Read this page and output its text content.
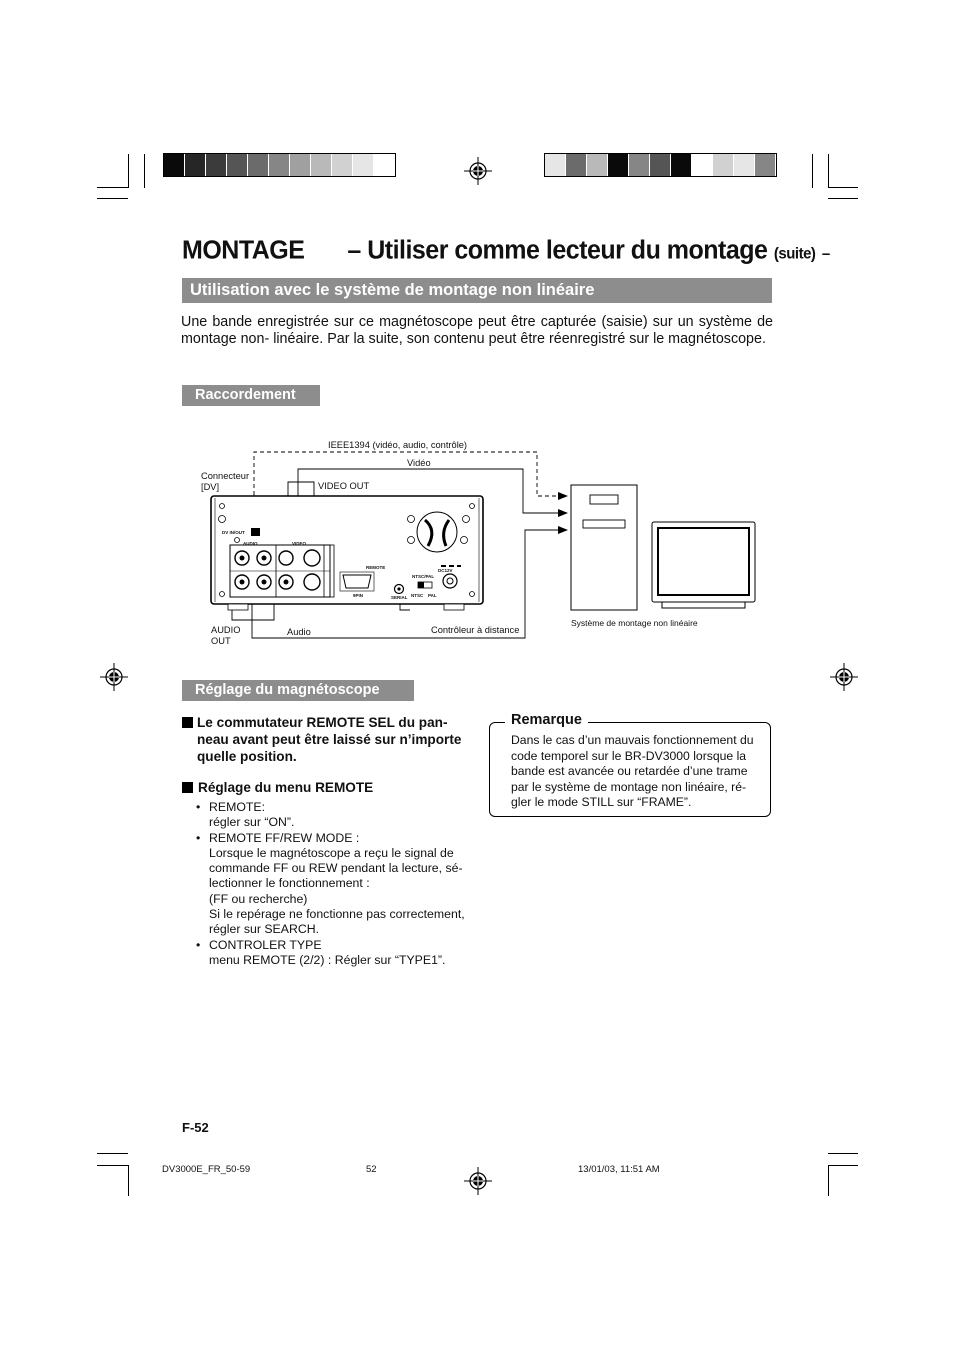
MONTAGE – Utiliser comme lecteur du montage (suite) –
Utilisation avec le système de montage non linéaire
Une bande enregistrée sur ce magnétoscope peut être capturée (saisie) sur un système de montage non- linéaire. Par la suite, son contenu peut être réenregistré sur le magnétoscope.
Raccordement
IEEE1394 (vidéo, audio, contrôle)
Vidéo
Connecteur
[DV]	VIDEO OUT
AUDIO
OUT
Audio	Contrôleur à distance
Système de montage non linéaire
DV IN/OUT
AUDIO	VIDEO
REMOTE
9PIN	SERIAL
NTSC/PAL
NTSC PAL
DC12V
Réglage du magnétoscope
Le commutateur REMOTE SEL du pan-
neau avant peut être laissé sur n’importe
quelle position.
Réglage du menu REMOTE
• REMOTE:
régler sur “ON”.
• REMOTE FF/REW MODE :
Lorsque le magnétoscope a reçu le signal de
commande FF ou REW pendant la lecture, sé-
lectionner le fonctionnement :
(FF ou recherche)
Si le repérage ne fonctionne pas correctement,
régler sur SEARCH.
• CONTROLER TYPE
menu REMOTE (2/2) : Régler sur “TYPE1”.
Remarque
Dans le cas d’un mauvais fonctionnement du
code temporel sur le BR-DV3000 lorsque la
bande est avancée ou retardée d’une trame
par le système de montage non linéaire, ré-
gler le mode STILL sur “FRAME”.
F-52
DV3000E_FR_50-59	52	13/01/03, 11:51 AM
